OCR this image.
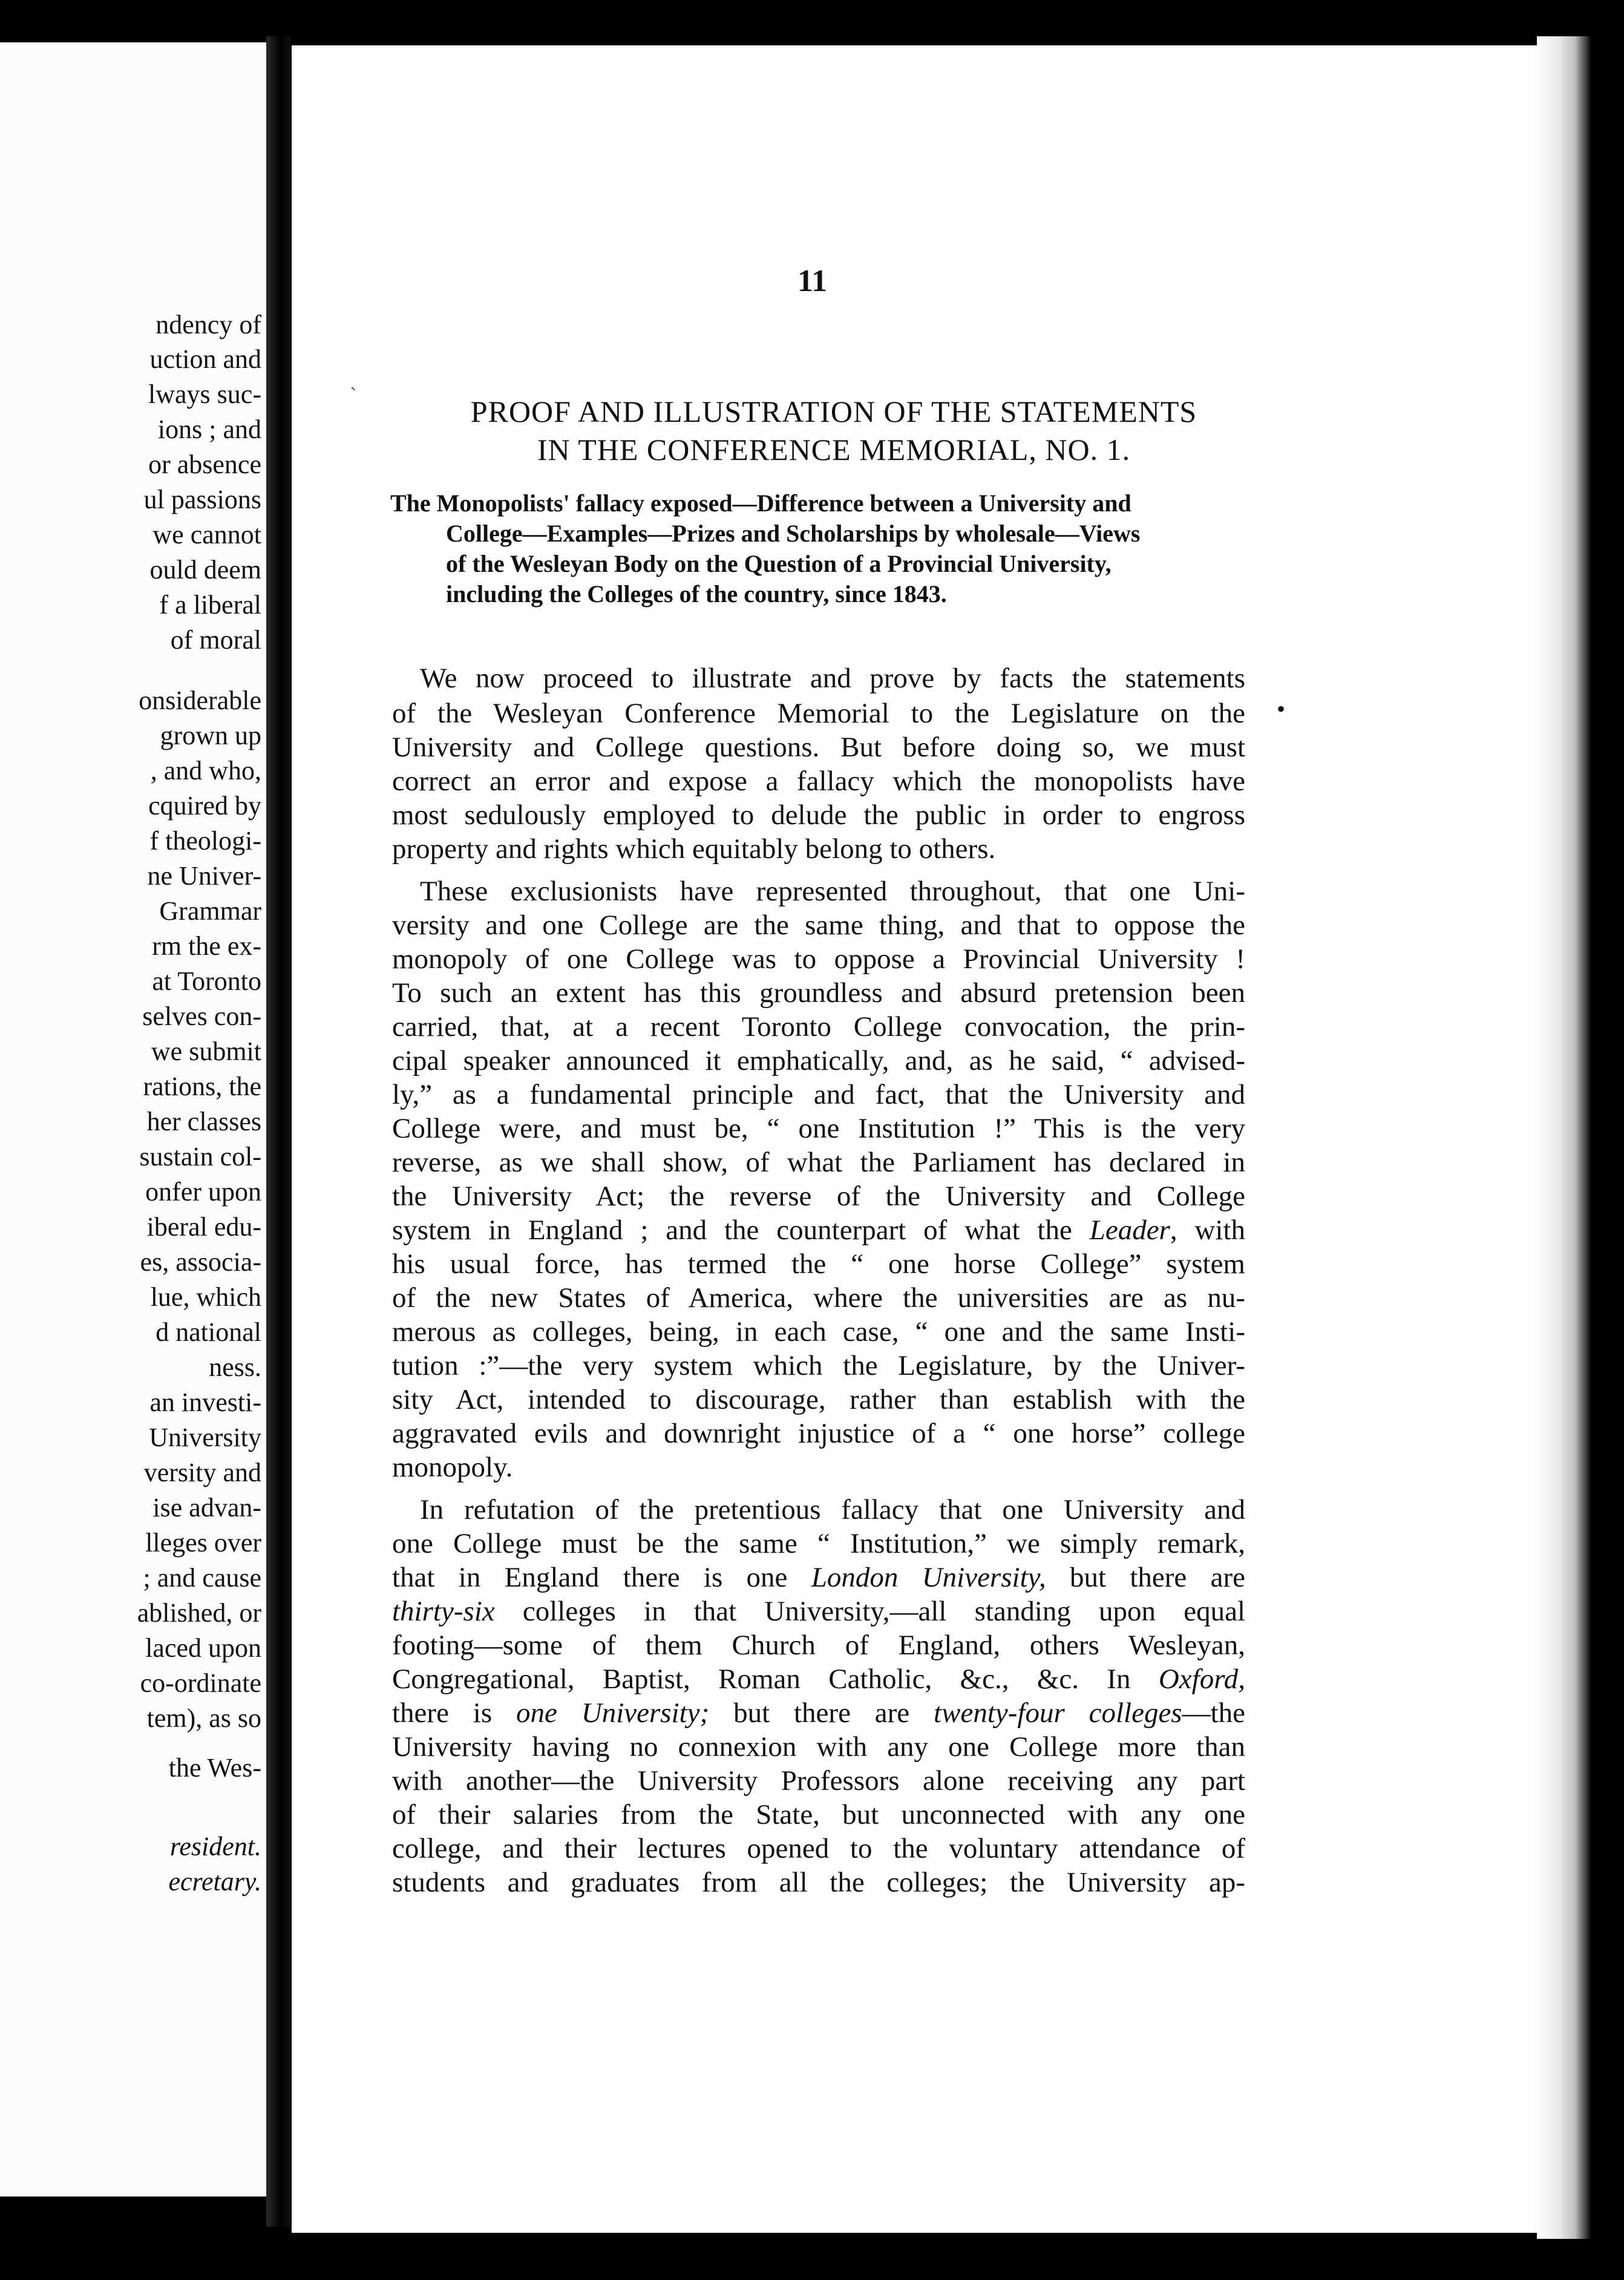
ndency of
uction and
lways suc-
ions ; and
or absence
ul passions
we cannot
ould deem
f a liberal
of moral
onsiderable
grown up
, and who,
cquired by
f theologi-
ne Univer-
Grammar
rm the ex-
at Toronto
selves con-
we submit
rations, the
her classes
sustain col-
onfer upon
iberal edu-
es, associa-
lue, which
d national
ness.
an investi-
University
versity and
ise advan-
lleges over
; and cause
ablished, or
laced upon
co-ordinate
tem), as so
the Wes-
resident.
ecretary.
11
ˋ	PROOF AND ILLUSTRATION OF THE STATEMENTS
IN THE CONFERENCE MEMORIAL, NO. 1.
The Monopolists' fallacy exposed—Difference between a University and
College—Examples—Prizes and Scholarships by wholesale—Views
of the Wesleyan Body on the Question of a Provincial University,
including the Colleges of the country, since 1843.
•
We now proceed to illustrate and prove by facts the statements
of the Wesleyan Conference Memorial to the Legislature on the
University and College questions. But before doing so, we must
correct an error and expose a fallacy which the monopolists have
most sedulously employed to delude the public in order to engross
property and rights which equitably belong to others.
These exclusionists have represented throughout, that one Uni-
versity and one College are the same thing, and that to oppose the
monopoly of one College was to oppose a Provincial University !
To such an extent has this groundless and absurd pretension been
carried, that, at a recent Toronto College convocation, the prin-
cipal speaker announced it emphatically, and, as he said, “ advised-
ly,” as a fundamental principle and fact, that the University and
College were, and must be, “ one Institution !” This is the very
reverse, as we shall show, of what the Parliament has declared in
the University Act; the reverse of the University and College
system in England ; and the counterpart of what the Leader, with
his usual force, has termed the “ one horse College” system
of the new States of America, where the universities are as nu-
merous as colleges, being, in each case, “ one and the same Insti-
tution :”—the very system which the Legislature, by the Univer-
sity Act, intended to discourage, rather than establish with the
aggravated evils and downright injustice of a “ one horse” college
monopoly.
In refutation of the pretentious fallacy that one University and
one College must be the same “ Institution,” we simply remark,
that in England there is one London University, but there are
thirty-six colleges in that University,—all standing upon equal
footing—some of them Church of England, others Wesleyan,
Congregational, Baptist, Roman Catholic, &c., &c. In Oxford,
there is one University; but there are twenty-four colleges—the
University having no connexion with any one College more than
with another—the University Professors alone receiving any part
of their salaries from the State, but unconnected with any one
college, and their lectures opened to the voluntary attendance of
students and graduates from all the colleges; the University ap-
